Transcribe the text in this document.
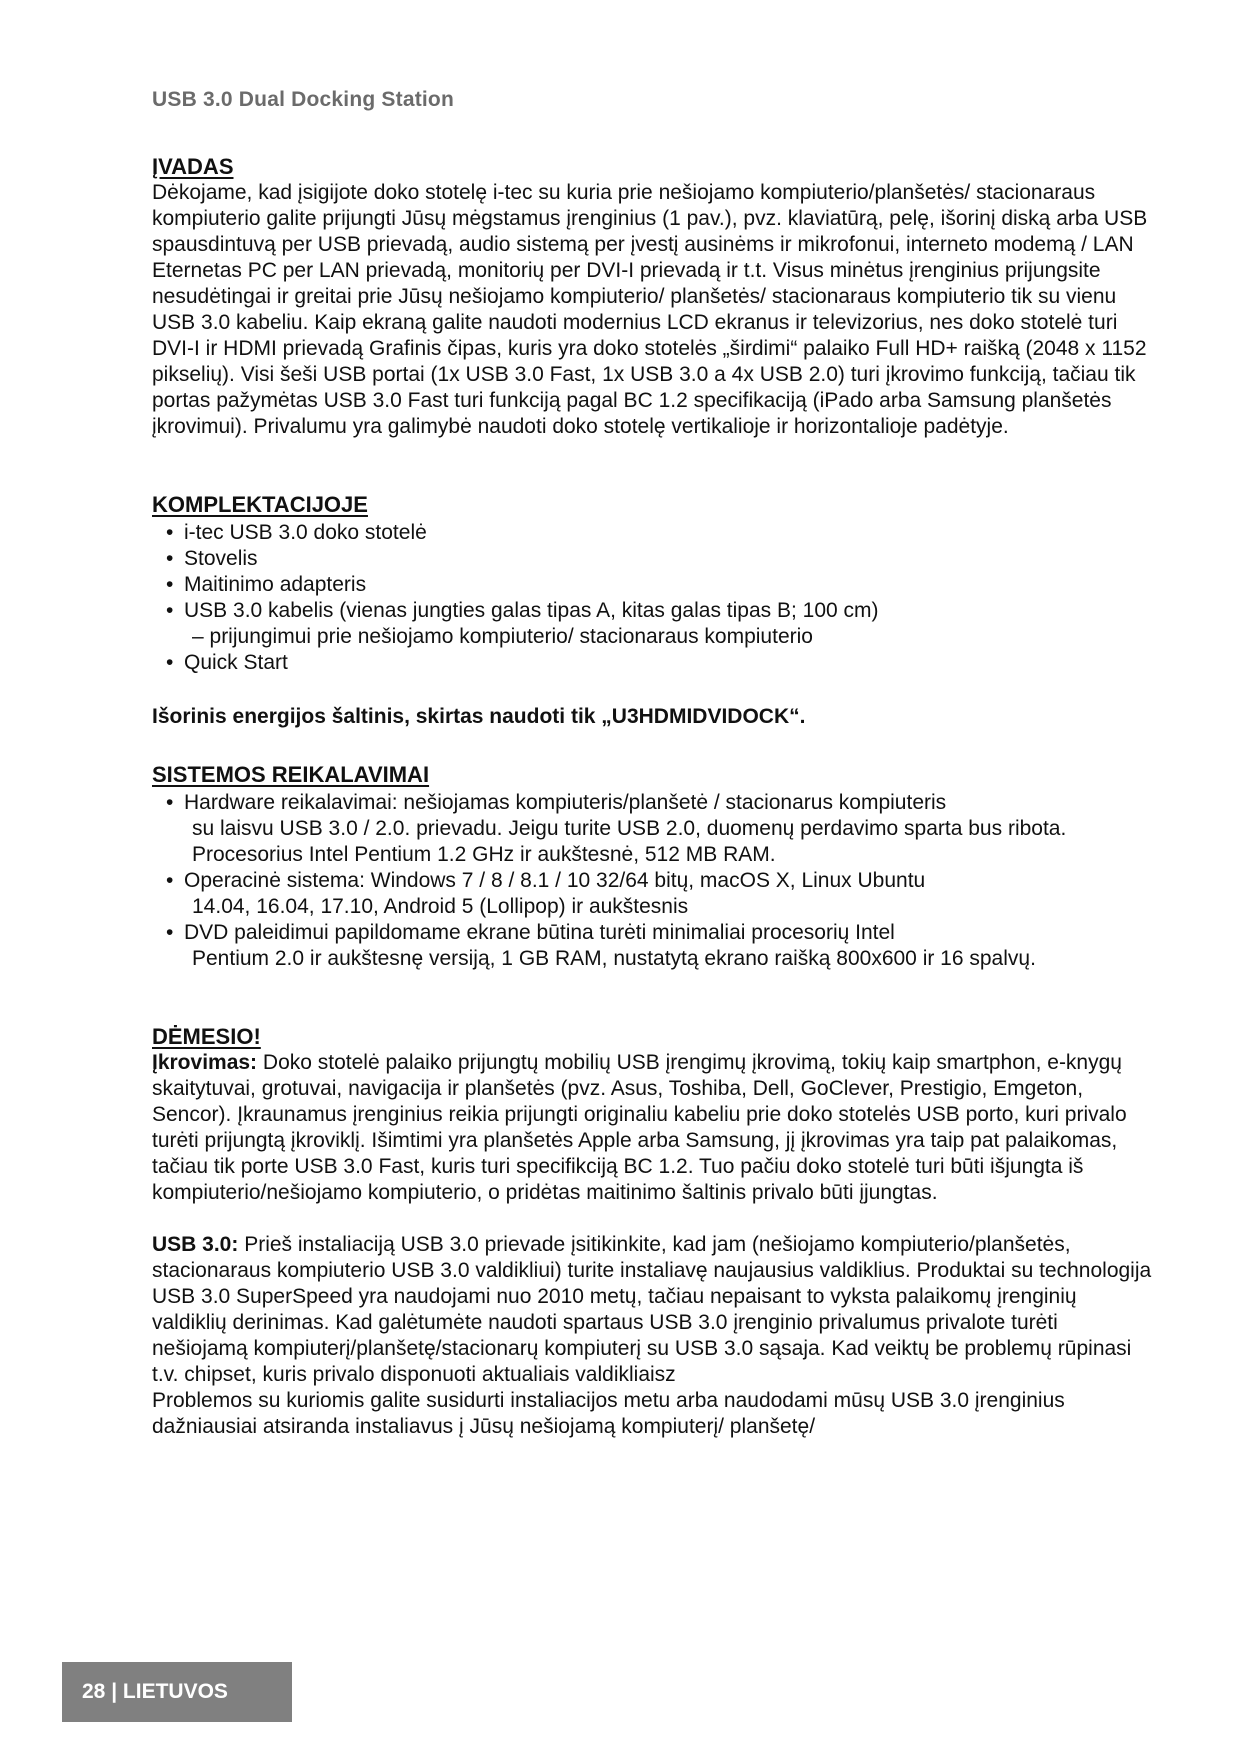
USB 3.0 Dual Docking Station
ĮVADAS

Dėkojame, kad įsigijote doko stotelę i-tec su kuria prie nešiojamo kompiuterio/planšetės/ stacionaraus kompiuterio galite prijungti Jūsų mėgstamus įrenginius (1 pav.), pvz. klaviatūrą, pelę, išorinį diską arba USB spausdintuvą per USB prievadą, audio sistemą per įvestį ausinėms ir mikrofonui, interneto modemą / LAN Eternetas PC per LAN prievadą, monitorių per DVI-I prievadą ir t.t. Visus minėtus įrenginius prijungsite nesudėtingai ir greitai prie Jūsų nešiojamo kompiuterio/ planšetės/ stacionaraus kompiuterio tik su vienu USB 3.0 kabeliu. Kaip ekraną galite naudoti modernius LCD ekranus ir televizorius, nes doko stotelė turi DVI-I ir HDMI prievadą Grafinis čipas, kuris yra doko stotelės „širdimi“ palaiko Full HD+ raišką (2048 x 1152 pikselių). Visi šeši USB portai (1x USB 3.0 Fast, 1x USB 3.0 a 4x USB 2.0) turi įkrovimo funkciją, tačiau tik portas pažymėtas USB 3.0 Fast turi funkciją pagal BC 1.2 specifikaciją (iPado arba Samsung planšetės įkrovimui). Privalumu yra galimybė naudoti doko stotelę vertikalioje ir horizontalioje padėtyje.

KOMPLEKTACIJOJE
• i-tec USB 3.0 doko stotelė
• Stovelis
• Maitinimo adapteris
• USB 3.0 kabelis (vienas jungties galas tipas A, kitas galas tipas B; 100 cm)
– prijungimui prie nešiojamo kompiuterio/ stacionaraus kompiuterio
• Quick Start
Išorinis energijos šaltinis, skirtas naudoti tik „U3HDMIDVIDOCK“.
SISTEMOS REIKALAVIMAI
• Hardware reikalavimai: nešiojamas kompiuteris/planšetė / stacionarus kompiuteris
su laisvu USB 3.0 / 2.0. prievadu. Jeigu turite USB 2.0, duomenų perdavimo sparta bus ribota. Procesorius Intel Pentium 1.2 GHz ir aukštesnė, 512 MB RAM.
• Operacinė sistema: Windows 7 / 8 / 8.1 / 10 32/64 bitų, macOS X, Linux Ubuntu
14.04, 16.04, 17.10, Android 5 (Lollipop) ir aukštesnis
• DVD paleidimui papildomame ekrane būtina turėti minimaliai procesorių Intel
Pentium 2.0 ir aukštesnę versiją, 1 GB RAM, nustatytą ekrano raišką 800x600 ir 16 spalvų.
DĖMESIO!

Įkrovimas: Doko stotelė palaiko prijungtų mobilių USB įrengimų įkrovimą, tokių kaip smartphon, e-knygų skaitytuvai, grotuvai, navigacija ir planšetės (pvz. Asus, Toshiba, Dell, GoClever, Prestigio, Emgeton, Sencor). Įkraunamus įrenginius reikia prijungti originaliu kabeliu prie doko stotelės USB porto, kuri privalo turėti prijungtą įkroviklį. Išimtimi yra planšetės Apple arba Samsung, jį įkrovimas yra taip pat palaikomas, tačiau tik porte USB 3.0 Fast, kuris turi specifikciją BC 1.2. Tuo pačiu doko stotelė turi būti išjungta iš kompiuterio/nešiojamo kompiuterio, o pridėtas maitinimo šaltinis privalo būti įjungtas.

USB 3.0: Prieš instaliaciją USB 3.0 prievade įsitikinkite, kad jam (nešiojamo kompiuterio/planšetės, stacionaraus kompiuterio USB 3.0 valdikliui) turite instaliavę naujausius valdiklius. Produktai su technologija USB 3.0 SuperSpeed yra naudojami nuo 2010 metų, tačiau nepaisant to vyksta palaikomų įrenginių valdiklių derinimas. Kad galėtumėte naudoti spartaus USB 3.0 įrenginio privalumus privalote turėti nešiojamą kompiuterį/planšetę/stacionarų kompiuterį su USB 3.0 sąsaja. Kad veiktų be problemų rūpinasi t.v. chipset, kuris privalo disponuoti aktualiais valdikliaisz

Problemos su kuriomis galite susidurti instaliacijos metu arba naudodami mūsų USB 3.0 įrenginius dažniausiai atsiranda instaliavus į Jūsų nešiojamą kompiuterį/ planšetę/

28 | LIETUVOS
